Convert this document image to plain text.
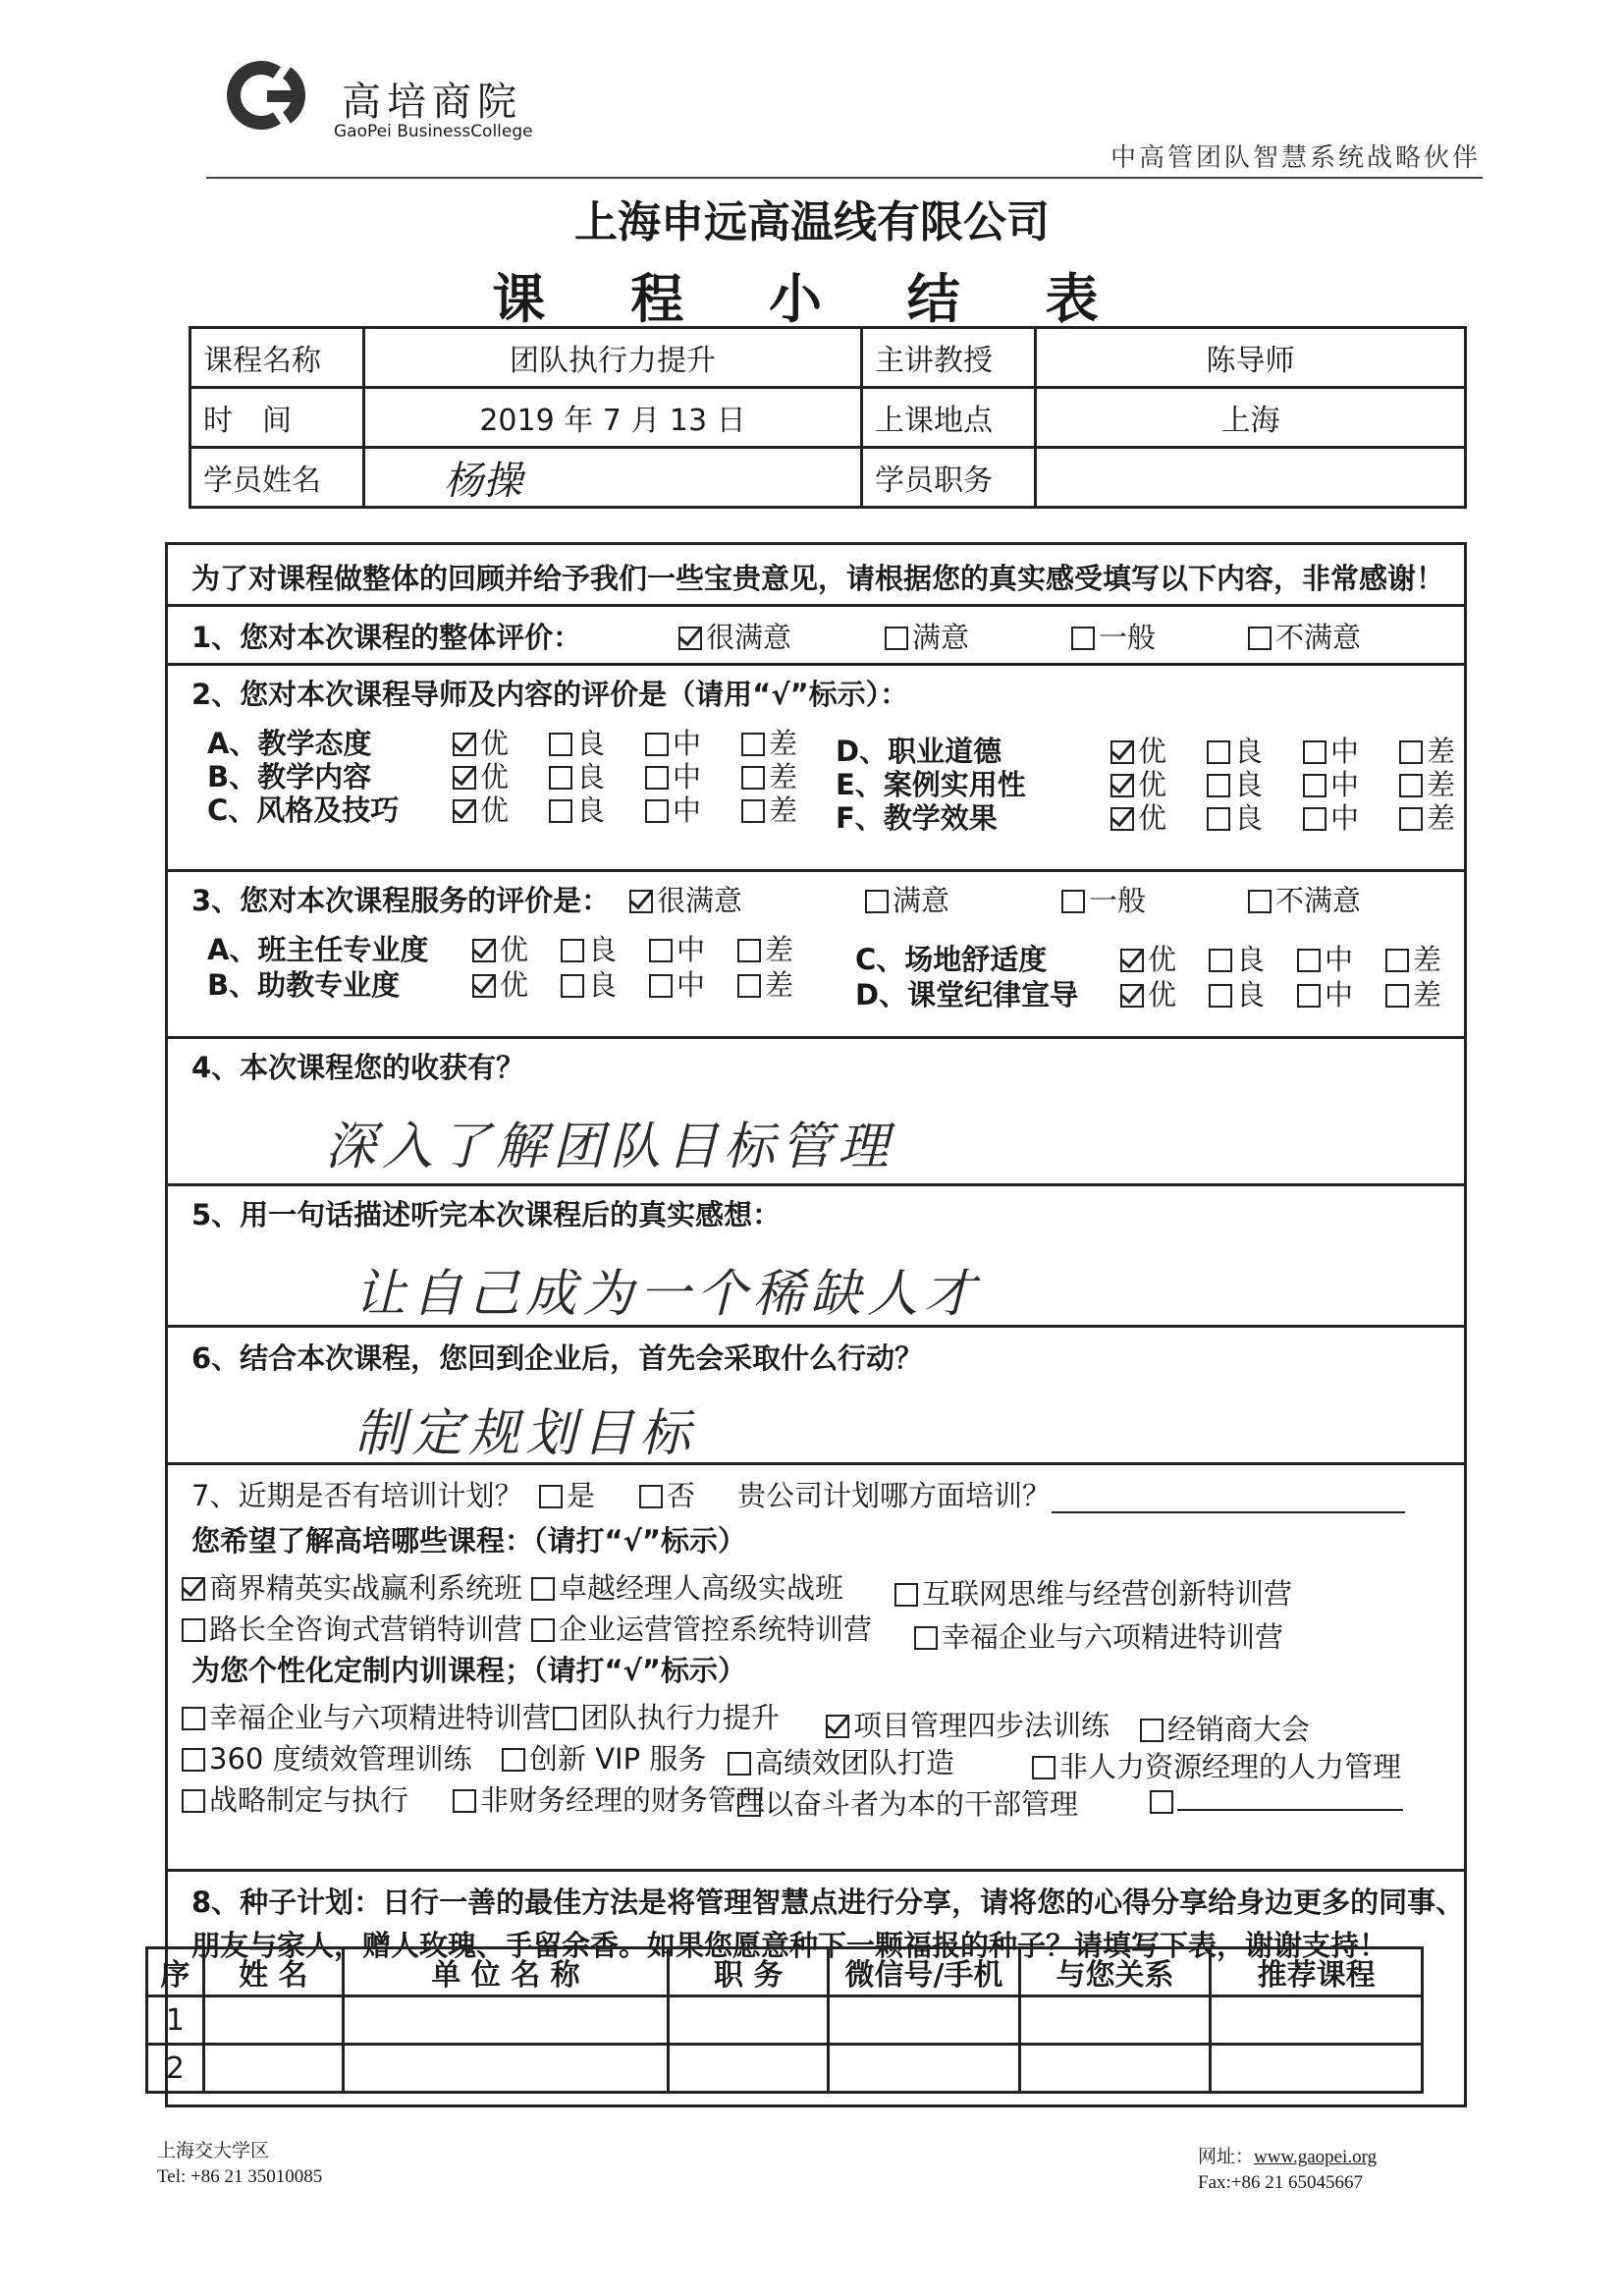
高培商院
GaoPei BusinessCollege
中高管团队智慧系统战略伙伴
上海申远高温线有限公司
课 程 小 结 表
课程名称	团队执行力提升	主讲教授	陈导师
时　间	2019 年 7 月 13 日	上课地点	上海
学员姓名	杨操	学员职务	
为了对课程做整体的回顾并给予我们一些宝贵意见，请根据您的真实感受填写以下内容，非常感谢！
1、您对本次课程的整体评价：	很满意	满意	一般	不满意
2、您对本次课程导师及内容的评价是（请用“√”标示）：
A、教学态度	优	良	中	差
B、教学内容	优	良	中	差
C、风格及技巧	优	良	中	差
D、职业道德	优	良	中	差
E、案例实用性	优	良	中	差
F、教学效果	优	良	中	差
3、您对本次课程服务的评价是：	很满意	满意	一般	不满意
A、班主任专业度	优	良	中	差
B、助教专业度	优	良	中	差
C、场地舒适度	优	良	中	差
D、课堂纪律宣导	优	良	中	差
4、本次课程您的收获有？
深入了解团队目标管理
5、用一句话描述听完本次课程后的真实感想：
让自己成为一个稀缺人才
6、结合本次课程，您回到企业后，首先会采取什么行动？
制定规划目标
7、近期是否有培训计划？	是	否 贵公司计划哪方面培训？
您希望了解高培哪些课程：（请打“√”标示）
商界精英实战赢利系统班	卓越经理人高级实战班	互联网思维与经营创新特训营
路长全咨询式营销特训营	企业运营管控系统特训营	幸福企业与六项精进特训营
为您个性化定制内训课程；（请打“√”标示）
幸福企业与六项精进特训营	团队执行力提升	项目管理四步法训练	经销商大会
360 度绩效管理训练	创新 VIP 服务	高绩效团队打造	非人力资源经理的人力管理
战略制定与执行	非财务经理的财务管理 以奋斗者为本的干部管理
8、种子计划：日行一善的最佳方法是将管理智慧点进行分享，请将您的心得分享给身边更多的同事、
朋友与家人，赠人玫瑰、手留余香。如果您愿意种下一颗福报的种子？请填写下表，谢谢支持！
序	姓 名	单 位 名 称	职 务	微信号/手机	与您关系	推荐课程
1						
2						
上海交大学区
Tel: +86 21 35010085
网址：www.gaopei.org
Fax:+86 21 65045667
